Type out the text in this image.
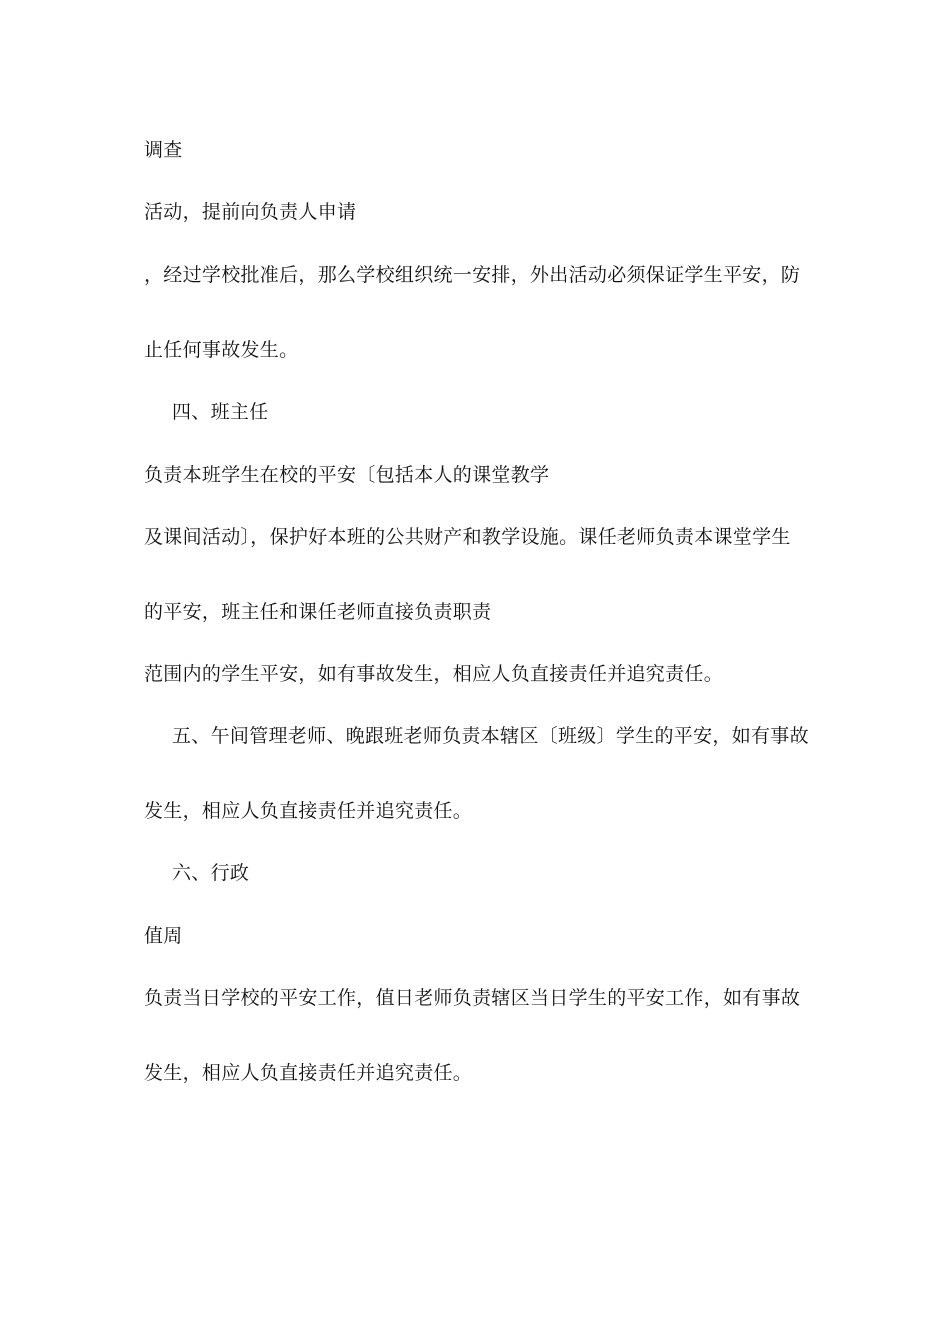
调查
活动，提前向负责人申请
，经过学校批准后，那么学校组织统一安排，外出活动必须保证学生平安，防
止任何事故发生。
四、班主任
负责本班学生在校的平安〔包括本人的课堂教学
及课间活动〕，保护好本班的公共财产和教学设施。课任老师负责本课堂学生
的平安，班主任和课任老师直接负责职责
范围内的学生平安，如有事故发生，相应人负直接责任并追究责任。
五、午间管理老师、晚跟班老师负责本辖区〔班级〕学生的平安，如有事故
发生，相应人负直接责任并追究责任。
六、行政
值周
负责当日学校的平安工作，值日老师负责辖区当日学生的平安工作，如有事故
发生，相应人负直接责任并追究责任。
